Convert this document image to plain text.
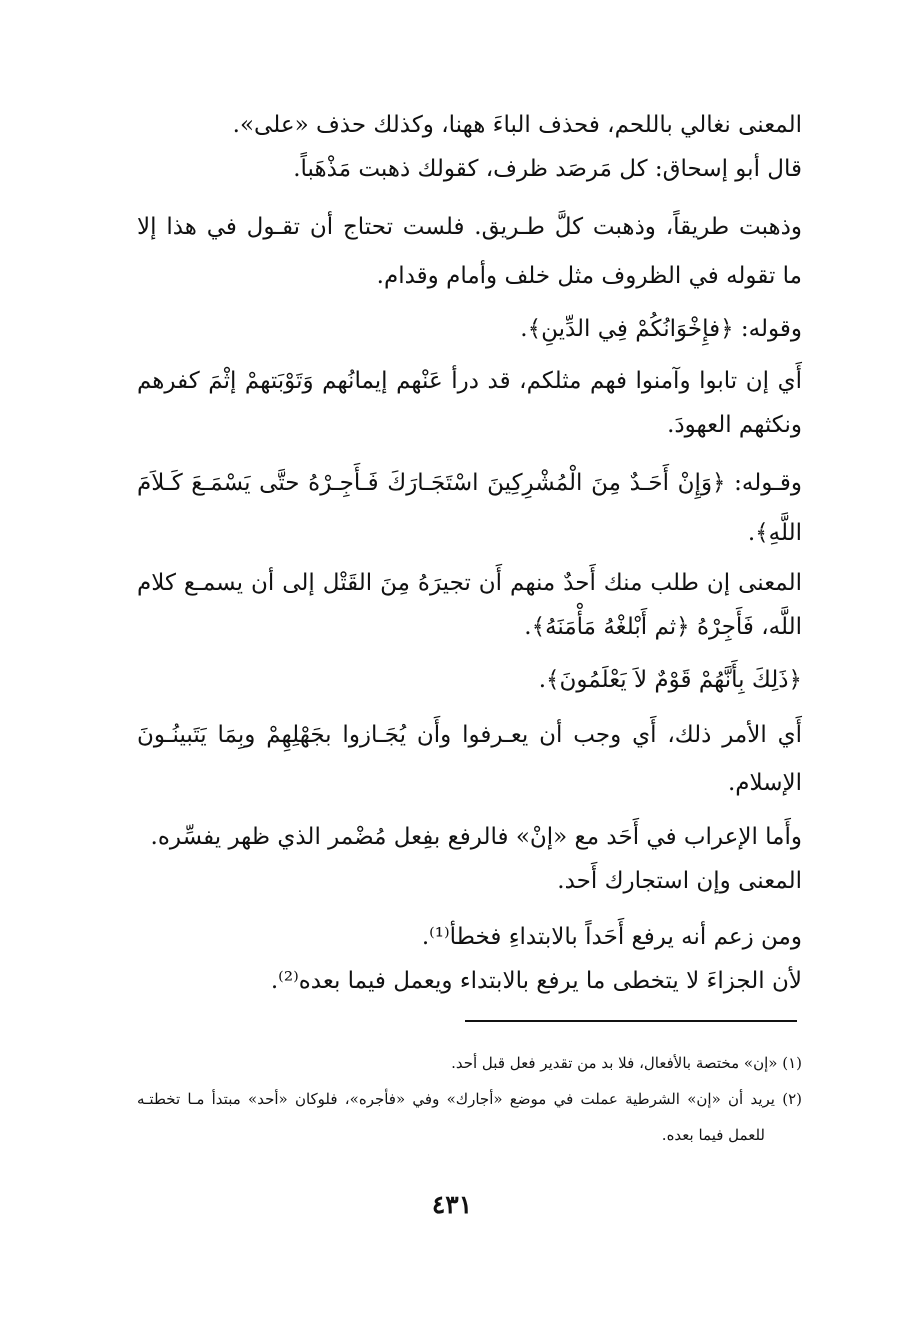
المعنى نغالي باللحم، فحذف الباءَ ههنا، وكذلك حذف «على».
قال أبو إسحاق: كل مَرصَد ظرف، كقولك ذهبت مَذْهَباً.
وذهبت طريقاً، وذهبت كلَّ طـريق. فلست تحتاج أن تقـول في هذا إلا
ما تقوله في الظروف مثل خلف وأمام وقدام.
وقوله: ﴿فإِخْوَانُكُمْ فِي الدِّينِ﴾.
أَي إن تابوا وآمنوا فهم مثلكم، قد درأ عَنْهم إيمانُهم وَتَوْبَتهمْ إثْمَ كفرهم
ونكثهم العهودَ.
وقـوله: ﴿وَإِنْ أَحَـدٌ مِنَ الْمُشْرِكِينَ اسْتَجَـارَكَ فَـأَجِـرْهُ حتَّى يَسْمَـعَ كَـلاَمَ
اللَّهِ﴾.
المعنى إن طلب منك أَحدٌ منهم أَن تجيرَهُ مِنَ القَتْل إلى أن يسمـع كلام
اللَّه، فَأَجِرْهُ ﴿ثم أَبْلغْهُ مَأْمَنَهُ﴾.
﴿ذَلِكَ بِأَنَّهُمْ قَوْمٌ لاَ يَعْلَمُونَ﴾.
أَي الأمر ذلك، أَي وجب أن يعـرفوا وأَن يُجَـازوا بجَهْلِهِمْ وبِمَا يَتَبينُـونَ
الإسلام.
وأَما الإعراب في أَحَد مع «إنْ» فالرفع بفِعل مُضْمر الذي ظهر يفسِّره.
المعنى وإن استجارك أَحد.
ومن زعم أنه يرفع أَحَداً بالابتداءِ فخطأ⁽¹⁾.
لأن الجزاءَ لا يتخطى ما يرفع بالابتداء ويعمل فيما بعده⁽²⁾.
(١) «إن» مختصة بالأفعال، فلا بد من تقدير فعل قبل أحد.
(٢) يريد أن «إن» الشرطية عملت في موضع «أجارك» وفي «فأجره»، فلوكان «أحد» مبتدأ مـا تخطتـه
للعمل فيما بعده.
٤٣١
